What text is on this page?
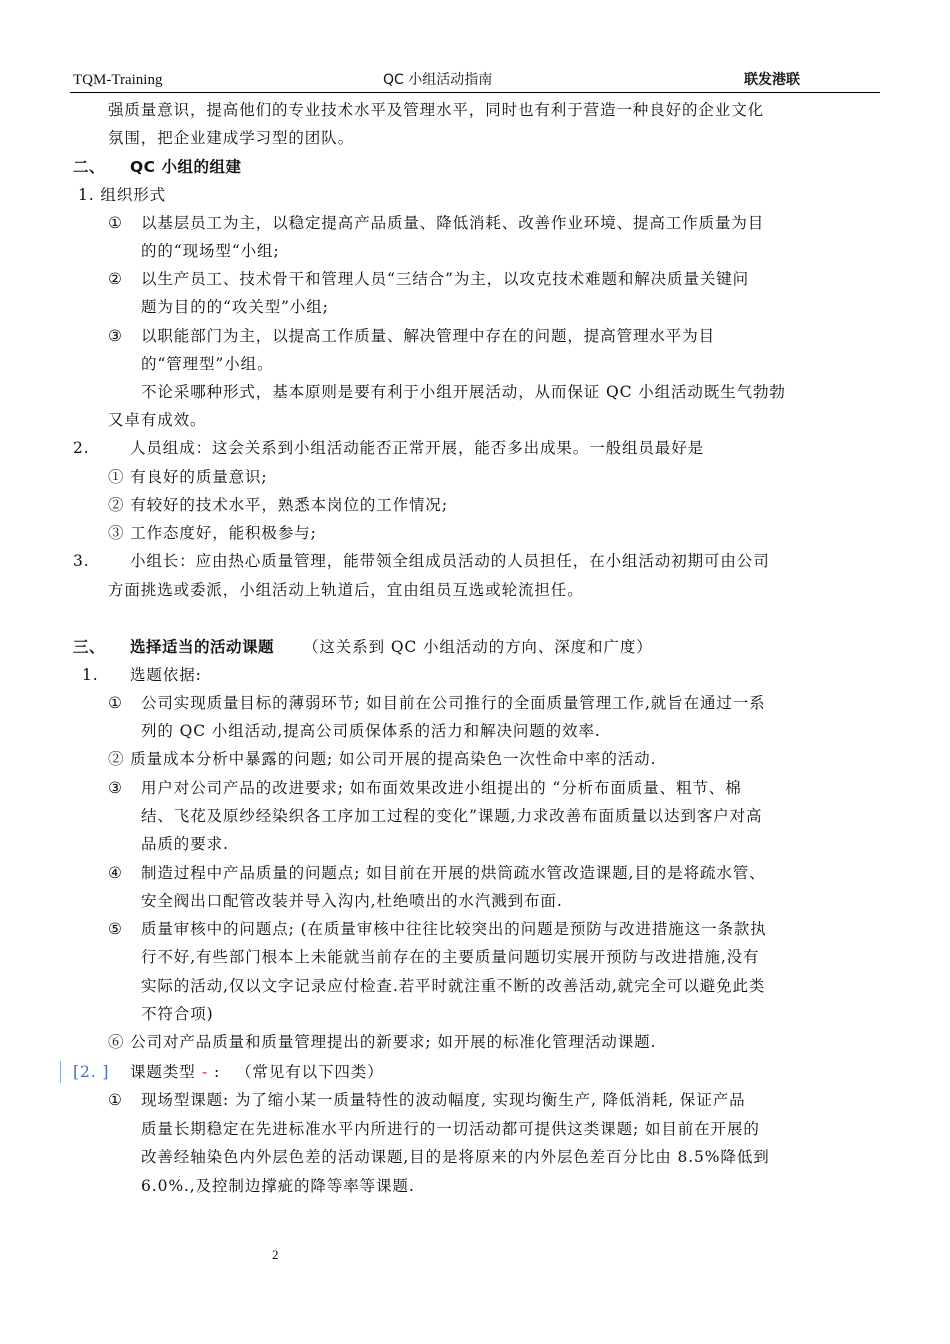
TQM-Training	QC 小组活动指南	联发港联
强质量意识，提高他们的专业技术水平及管理水平，同时也有利于营造一种良好的企业文化
氛围，把企业建成学习型的团队。
二、 QC 小组的组建
1. 组织形式
① 以基层员工为主，以稳定提高产品质量、降低消耗、改善作业环境、提高工作质量为目
的的“现场型“小组;
② 以生产员工、技术骨干和管理人员“三结合”为主，以攻克技术难题和解决质量关键问
题为目的的“攻关型”小组;
③ 以职能部门为主，以提高工作质量、解决管理中存在的问题，提高管理水平为目
的“管理型”小组。
不论采哪种形式，基本原则是要有利于小组开展活动，从而保证 QC 小组活动既生气勃勃
又卓有成效。
2.	人员组成：这会关系到小组活动能否正常开展，能否多出成果。一般组员最好是
① 有良好的质量意识;
② 有较好的技术水平，熟悉本岗位的工作情况;
③ 工作态度好，能积极参与;
3.	小组长：应由热心质量管理，能带领全组成员活动的人员担任，在小组活动初期可由公司
方面挑选或委派，小组活动上轨道后，宜由组员互选或轮流担任。
三、 选择适当的活动课题 （这关系到 QC 小组活动的方向、深度和广度）
1. 选题依据:
① 公司实现质量目标的薄弱环节; 如目前在公司推行的全面质量管理工作,就旨在通过一系
列的 QC 小组活动,提高公司质保体系的活力和解决问题的效率.
② 质量成本分析中暴露的问题; 如公司开展的提高染色一次性命中率的活动.
③ 用户对公司产品的改进要求; 如布面效果改进小组提出的 “分析布面质量、粗节、棉
结、飞花及原纱经染织各工序加工过程的变化”课题,力求改善布面质量以达到客户对高
品质的要求.
④ 制造过程中产品质量的问题点; 如目前在开展的烘筒疏水管改造课题,目的是将疏水管、
安全阀出口配管改装并导入沟内,杜绝喷出的水汽溅到布面.
⑤ 质量审核中的问题点; (在质量审核中往往比较突出的问题是预防与改进措施这一条款执
行不好,有些部门根本上未能就当前存在的主要质量问题切实展开预防与改进措施,没有
实际的活动,仅以文字记录应付检查.若平时就注重不断的改善活动,就完全可以避免此类
不符合项)
⑥ 公司对产品质量和质量管理提出的新要求; 如开展的标准化管理活动课题.
[2. ] 课题类型 - : （常见有以下四类）
① 现场型课题: 为了缩小某一质量特性的波动幅度, 实现均衡生产, 降低消耗, 保证产品
质量长期稳定在先进标准水平内所进行的一切活动都可提供这类课题; 如目前在开展的
改善经轴染色内外层色差的活动课题,目的是将原来的内外层色差百分比由 8.5%降低到
6.0%.,及控制边撑疵的降等率等课题.
2
